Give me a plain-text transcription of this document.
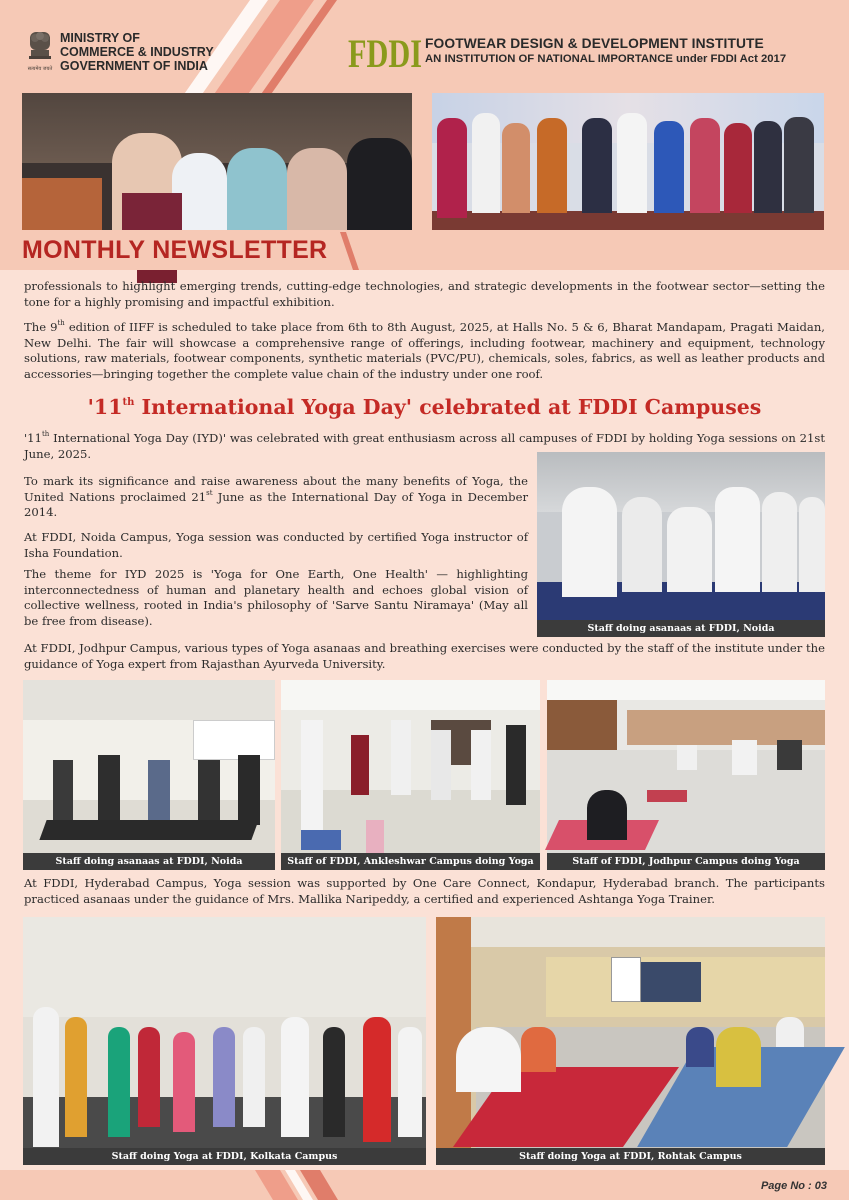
सत्यमेव जयते
MINISTRY OF
COMMERCE & INDUSTRY
GOVERNMENT OF INDIA	FDDI FOOTWEAR DESIGN & DEVELOPMENT INSTITUTE
AN INSTITUTION OF NATIONAL IMPORTANCE under FDDI Act 2017
MONTHLY NEWSLETTER

professionals to highlight emerging trends, cutting-edge technologies, and strategic developments in the footwear sector—setting the tone for a highly promising and impactful exhibition.

The 9th edition of IIFF is scheduled to take place from 6th to 8th August, 2025, at Halls No. 5 & 6, Bharat Mandapam, Pragati Maidan, New Delhi. The fair will showcase a comprehensive range of offerings, including footwear, machinery and equipment, technology solutions, raw materials, footwear components, synthetic materials (PVC/PU), chemicals, soles, fabrics, as well as leather products and accessories—bringing together the complete value chain of the industry under one roof.

'11th International Yoga Day' celebrated at FDDI Campuses

'11th International Yoga Day (IYD)' was celebrated with great enthusiasm across all campuses of FDDI by holding Yoga sessions on 21st June, 2025.

To mark its significance and raise awareness about the many benefits of Yoga, the United Nations proclaimed 21st June as the International Day of Yoga in December 2014.

At FDDI, Noida Campus, Yoga session was conducted by certified Yoga instructor of Isha Foundation.

The theme for IYD 2025 is 'Yoga for One Earth, One Health' — highlighting interconnectedness of human and planetary health and echoes global vision of collective wellness, rooted in India's philosophy of 'Sarve Santu Niramaya' (May all be free from disease).

Staff doing asanaas at FDDI, Noida

At FDDI, Jodhpur Campus, various types of Yoga asanaas and breathing exercises were conducted by the staff of the institute under the guidance of Yoga expert from Rajasthan Ayurveda University.

Staff doing asanaas at FDDI, Noida	Staff of FDDI, Ankleshwar Campus doing Yoga	Staff of FDDI, Jodhpur Campus doing Yoga

At FDDI, Hyderabad Campus, Yoga session was supported by One Care Connect, Kondapur, Hyderabad branch. The participants practiced asanaas under the guidance of Mrs. Mallika Naripeddy, a certified and experienced Ashtanga Yoga Trainer.

Staff doing Yoga at FDDI, Kolkata Campus	Staff doing Yoga at FDDI, Rohtak Campus
Page No : 03
